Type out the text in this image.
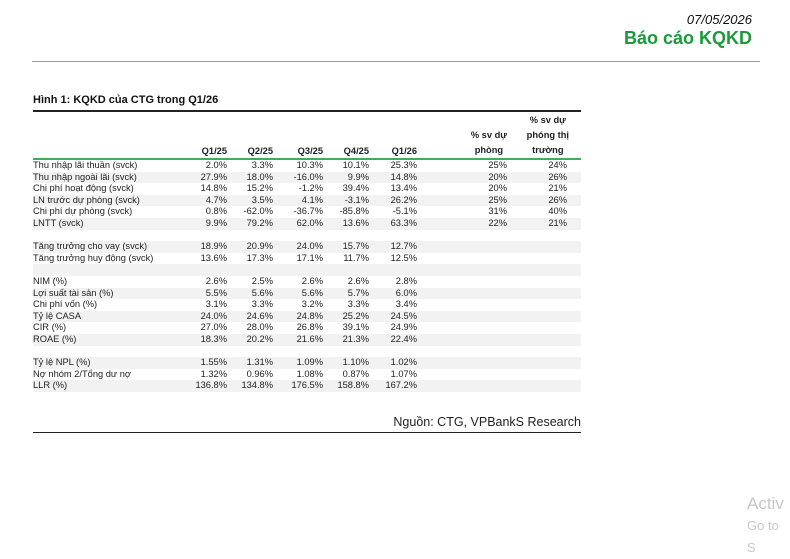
07/05/2026
Báo cáo KQKD
Hình 1: KQKD của CTG trong Q1/26
Q1/25 Q2/25	Q3/25 Q4/25 Q1/26
% sv dự
phòng
% sv dự
phóng thị
trường
Thu nhập lãi thuần (svck)	2.0%	3.3%	10.3% 10.1% 25.3%	25%	24%
Thu nhập ngoài lãi (svck)	27.9% 18.0% -16.0%	9.9% 14.8%	20%	26%
Chi phí hoạt động (svck)	14.8% 15.2%	-1.2% 39.4% 13.4%	20%	21%
LN trước dự phòng (svck)	4.7%	3.5%	4.1% -3.1% 26.2%	25%	26%
Chi phí dự phòng (svck)	0.8% -62.0% -36.7% -85.8%	-5.1%	31%	40%
LNTT (svck)	9.9% 79.2%	62.0% 13.6% 63.3%	22%	21%
Tăng trưởng cho vay (svck)	18.9% 20.9%	24.0% 15.7% 12.7%
Tăng trưởng huy động (svck)	13.6% 17.3%	17.1% 11.7% 12.5%
NIM (%)	2.6%	2.5%	2.6%	2.6%	2.8%
Lợi suất tài sản (%)	5.5%	5.6%	5.6%	5.7%	6.0%
Chi phí vốn (%)	3.1%	3.3%	3.2%	3.3%	3.4%
Tỷ lệ CASA	24.0% 24.6%	24.8% 25.2% 24.5%
CIR (%)	27.0% 28.0%	26.8% 39.1% 24.9%
ROAE (%)	18.3% 20.2%	21.6% 21.3% 22.4%
Tỷ lệ NPL (%)	1.55% 1.31%	1.09% 1.10% 1.02%
Nợ nhóm 2/Tổng dư nợ	1.32% 0.96%	1.08% 0.87% 1.07%
LLR (%)	136.8% 134.8% 176.5% 158.8% 167.2%
Nguồn: CTG, VPBankS Research
Activ
Go to S
